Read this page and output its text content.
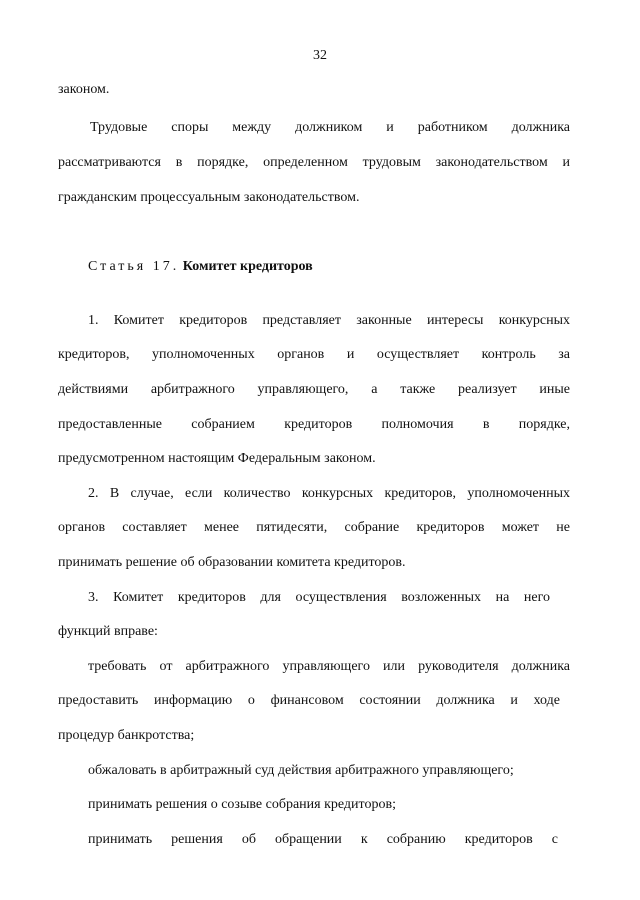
32
законом.
Трудовые споры между должником и работником должника
рассматриваются в порядке, определенном трудовым законодательством и
гражданским процессуальным законодательством.
Статья 17. Комитет кредиторов
1. Комитет кредиторов представляет законные интересы конкурсных
кредиторов, уполномоченных органов и осуществляет контроль за
действиями арбитражного управляющего, а также реализует иные
предоставленные собранием кредиторов полномочия в порядке,
предусмотренном настоящим Федеральным законом.
2. В случае, если количество конкурсных кредиторов, уполномоченных
органов составляет менее пятидесяти, собрание кредиторов может не
принимать решение об образовании комитета кредиторов.
3. Комитет кредиторов для осуществления возложенных на него
функций вправе:
требовать от арбитражного управляющего или руководителя должника
предоставить информацию о финансовом состоянии должника и ходе
процедур банкротства;
обжаловать в арбитражный суд действия арбитражного управляющего;
принимать решения о созыве собрания кредиторов;
принимать решения об обращении к собранию кредиторов с
